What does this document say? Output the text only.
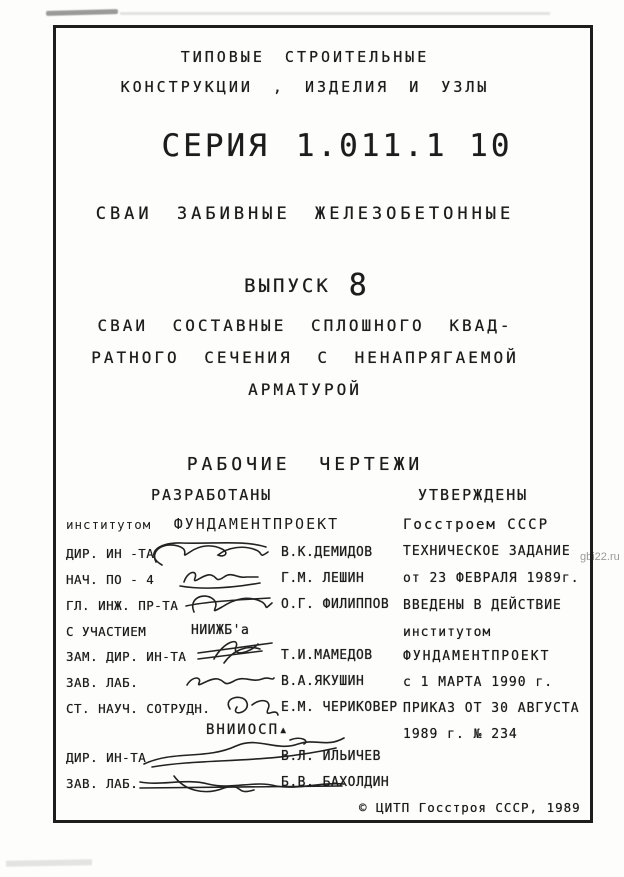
gbi22.ru
ТИПОВЫЕ СТРОИТЕЛЬНЫЕ
КОНСТРУКЦИИ , ИЗДЕЛИЯ И УЗЛЫ
СЕРИЯ 1.011.1 10
СВАИ ЗАБИВНЫЕ ЖЕЛЕЗОБЕТОННЫЕ
ВЫПУСК 8
СВАИ СОСТАВНЫЕ СПЛОШНОГО КВАД-
РАТНОГО СЕЧЕНИЯ С НЕНАПРЯГАЕМОЙ
АРМАТУРОЙ
РАБОЧИЕ ЧЕРТЕЖИ
РАЗРАБОТАНЫ	УТВЕРЖДЕНЫ
институтом ФУНДАМЕНТПРОЕКТ
ДИР. ИН -ТА	В.К.ДЕМИДОВ
НАЧ. ПО - 4	Г.М. ЛЕШИН
ГЛ. ИНЖ. ПР-ТА	О.Г. ФИЛИППОВ
С УЧАСТИЕМ	НИИЖБ'а
ЗАМ. ДИР. ИН-ТА	Т.И.МАМЕДОВ
ЗАВ. ЛАБ.	В.А.ЯКУШИН
СТ. НАУЧ. СОТРУДН.	Е.М. ЧЕРИКОВЕР
ВНИИОСП▴
ДИР. ИН-ТА	В.Л. ИЛЬИЧЕВ
ЗАВ. ЛАБ.	Б.В. БАХОЛДИН
Госстроем СССР
ТЕХНИЧЕСКОЕ ЗАДАНИЕ
от 23 ФЕВРАЛЯ 1989г.
ВВЕДЕНЫ В ДЕЙСТВИЕ
институтом
ФУНДАМЕНТПРОЕКТ
с 1 МАРТА 1990 г.
ПРИКАЗ ОТ 30 АВГУСТА
1989 г. № 234
© ЦИТП Госстроя СССР, 1989
